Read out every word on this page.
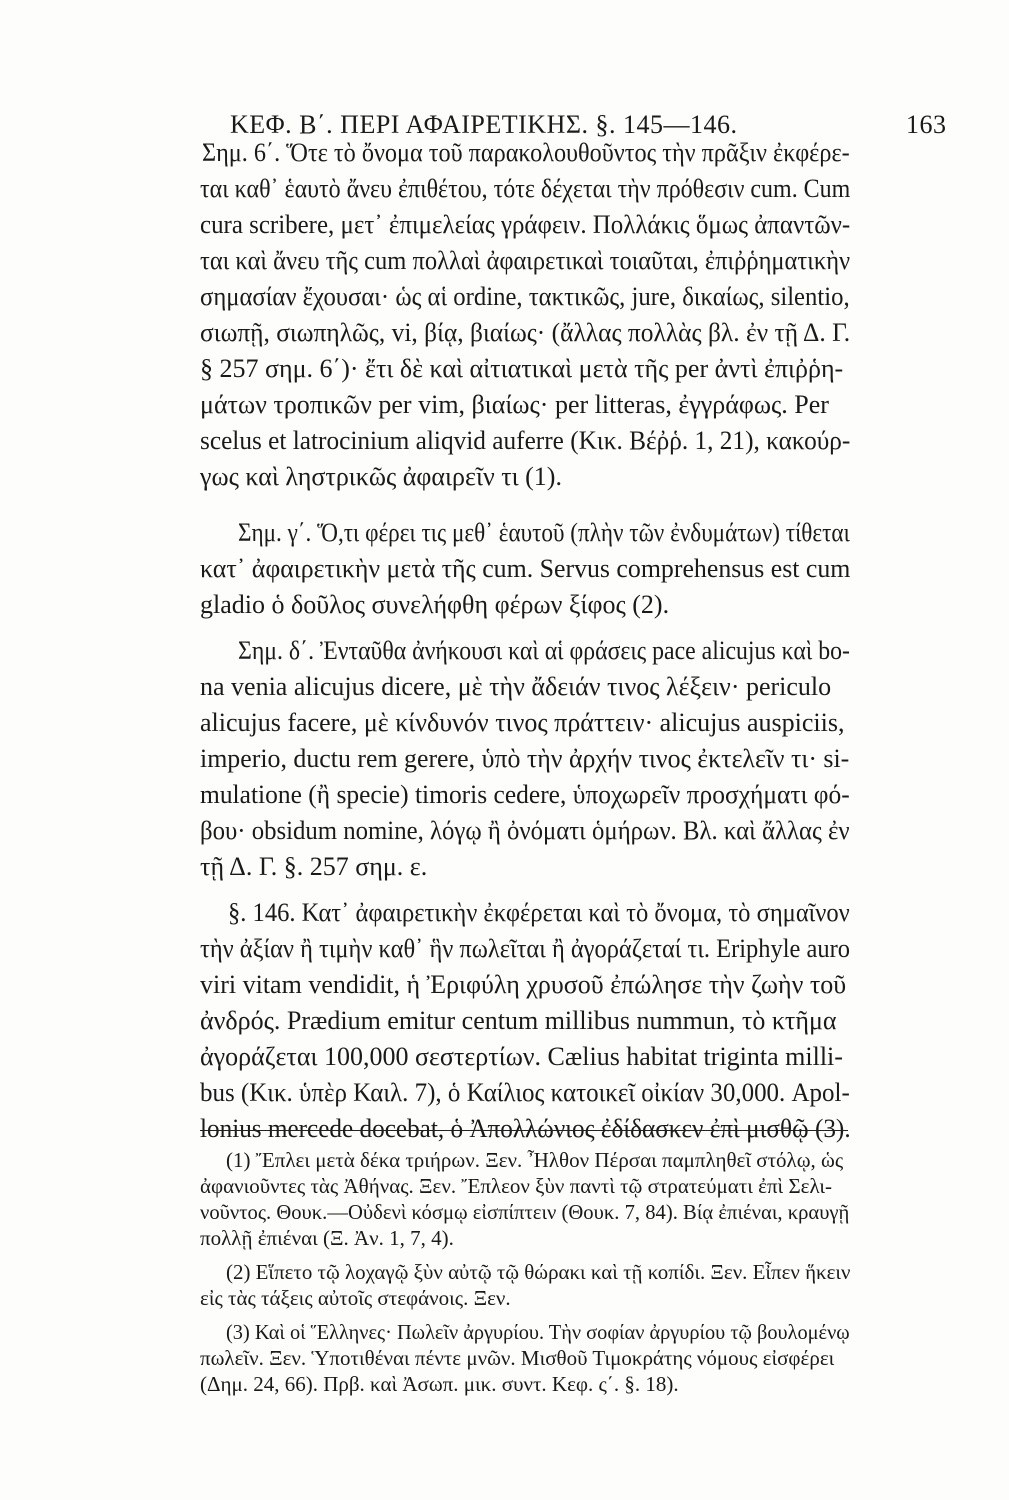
ΚΕΦ. Β΄. ΠΕΡΙ ΑΦΑΙΡΕΤΙΚΗΣ. §. 145—146.	163
Σημ. 6΄. Ὅτε τὸ ὄνομα τοῦ παρακολουθοῦντος τὴν πρᾶξιν ἐκφέρε-
ται καθ᾽ ἑαυτὸ ἄνευ ἐπιθέτου, τότε δέχεται τὴν πρόθεσιν cum. Cum
cura scribere, μετ᾽ ἐπιμελείας γράφειν. Πολλάκις ὅμως ἀπαντῶν-
ται καὶ ἄνευ τῆς cum πολλαὶ ἀφαιρετικαὶ τοιαῦται, ἐπιῤῥηματικὴν
σημασίαν ἔχουσαι· ὡς αἱ ordine, τακτικῶς, jure, δικαίως, silentio,
σιωπῇ, σιωπηλῶς, vi, βίᾳ, βιαίως· (ἄλλας πολλὰς βλ. ἐν τῇ Δ. Γ.
§ 257 σημ. 6΄)· ἔτι δὲ καὶ αἰτιατικαὶ μετὰ τῆς per ἀντὶ ἐπιῤῥη-
μάτων τροπικῶν per vim, βιαίως· per litteras, ἐγγράφως. Per
scelus et latrocinium aliqvid auferre (Κικ. Βέῤῥ. 1, 21), κακούρ-
γως καὶ ληστρικῶς ἀφαιρεῖν τι (1).
Σημ. γ΄. Ὅ,τι φέρει τις μεθ᾽ ἑαυτοῦ (πλὴν τῶν ἐνδυμάτων) τίθεται
κατ᾽ ἀφαιρετικὴν μετὰ τῆς cum. Servus comprehensus est cum
gladio ὁ δοῦλος συνελήφθη φέρων ξίφος (2).
Σημ. δ΄. Ἐνταῦθα ἀνήκουσι καὶ αἱ φράσεις pace alicujus καὶ bo-
na venia alicujus dicere, μὲ τὴν ἄδειάν τινος λέξειν· periculo
alicujus facere, μὲ κίνδυνόν τινος πράττειν· alicujus auspiciis,
imperio, ductu rem gerere, ὑπὸ τὴν ἀρχήν τινος ἐκτελεῖν τι· si-
mulatione (ἢ specie) timoris cedere, ὑποχωρεῖν προσχήματι φό-
βου· obsidum nomine, λόγῳ ἢ ὀνόματι ὁμήρων. Βλ. καὶ ἄλλας ἐν
τῇ Δ. Γ. §. 257 σημ. ε.
§. 146. Κατ᾽ ἀφαιρετικὴν ἐκφέρεται καὶ τὸ ὄνομα, τὸ σημαῖνον
τὴν ἀξίαν ἢ τιμὴν καθ᾽ ἣν πωλεῖται ἢ ἀγοράζεταί τι. Eriphyle auro
viri vitam vendidit, ἡ Ἐριφύλη χρυσοῦ ἐπώλησε τὴν ζωὴν τοῦ
ἀνδρός. Prædium emitur centum millibus nummun, τὸ κτῆμα
ἀγοράζεται 100,000 σεστερτίων. Cælius habitat triginta milli-
bus (Κικ. ὑπὲρ Καιλ. 7), ὁ Καίλιος κατοικεῖ οἰκίαν 30,000. Apol-
lonius mercede docebat, ὁ Ἀπολλώνιος ἐδίδασκεν ἐπὶ μισθῷ (3).
(1) Ἔπλει μετὰ δέκα τριήρων. Ξεν. Ἦλθον Πέρσαι παμπληθεῖ στόλῳ, ὡς
ἀφανιοῦντες τὰς Ἀθήνας. Ξεν. Ἔπλεον ξὺν παντὶ τῷ στρατεύματι ἐπὶ Σελι-
νοῦντος. Θουκ.—Οὐδενὶ κόσμῳ εἰσπίπτειν (Θουκ. 7, 84). Βίᾳ ἐπιέναι, κραυγῇ
πολλῇ ἐπιέναι (Ξ. Ἀν. 1, 7, 4).
(2) Εἵπετο τῷ λοχαγῷ ξὺν αὐτῷ τῷ θώρακι καὶ τῇ κοπίδι. Ξεν. Εἶπεν ἥκειν
εἰς τὰς τάξεις αὐτοῖς στεφάνοις. Ξεν.
(3) Καὶ οἱ Ἕλληνες· Πωλεῖν ἀργυρίου. Τὴν σοφίαν ἀργυρίου τῷ βουλομένῳ
πωλεῖν. Ξεν. Ὑποτιθέναι πέντε μνῶν. Μισθοῦ Τιμοκράτης νόμους εἰσφέρει
(Δημ. 24, 66). Πρβ. καὶ Ἀσωπ. μικ. συντ. Κεφ. ς΄. §. 18).
